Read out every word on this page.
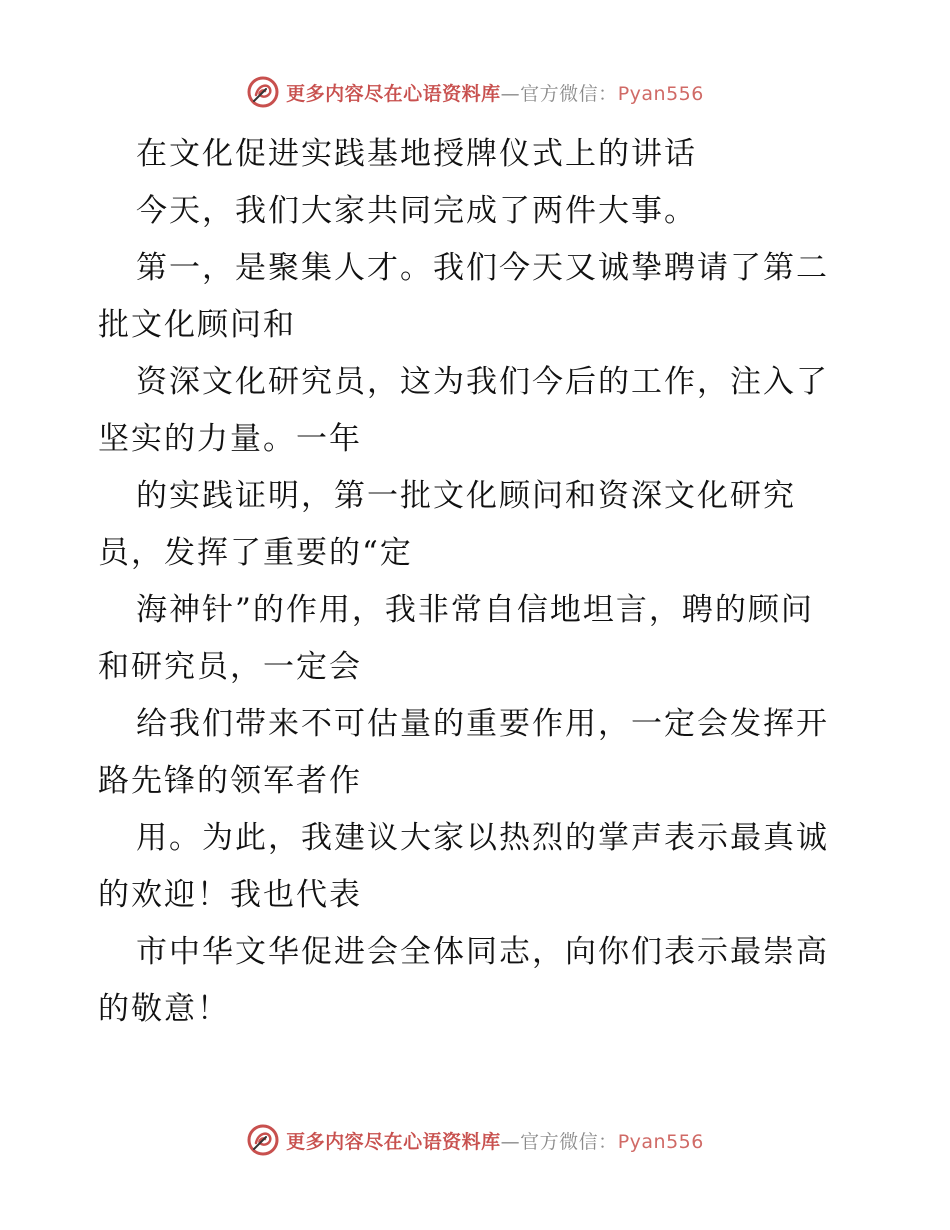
更多内容尽在心语资料库—官方微信：Pyan556
在文化促进实践基地授牌仪式上的讲话
今天，我们大家共同完成了两件大事。
第一，是聚集人才。我们今天又诚挚聘请了第二
批文化顾问和
资深文化研究员，这为我们今后的工作，注入了
坚实的力量。一年
的实践证明，第一批文化顾问和资深文化研究
员，发挥了重要的“定
海神针”的作用，我非常自信地坦言，聘的顾问
和研究员，一定会
给我们带来不可估量的重要作用，一定会发挥开
路先锋的领军者作
用。为此，我建议大家以热烈的掌声表示最真诚
的欢迎！我也代表
市中华文华促进会全体同志，向你们表示最崇高
的敬意！
更多内容尽在心语资料库—官方微信：Pyan556
